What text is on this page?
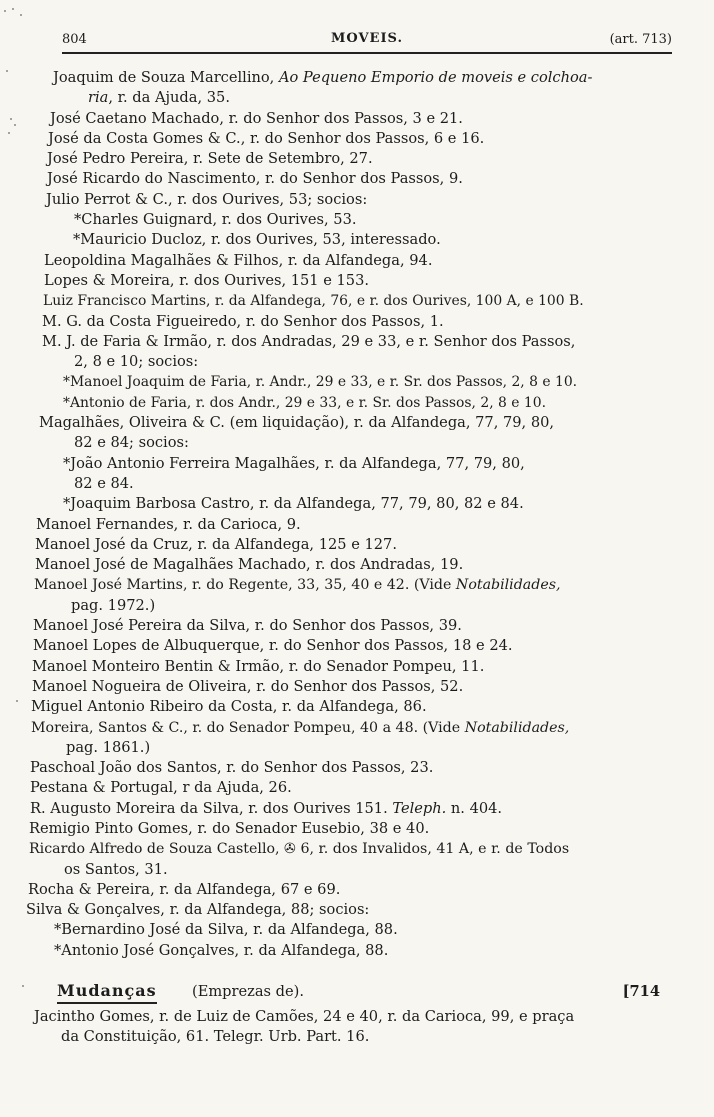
804	MOVEIS.	(art. 713)
Joaquim de Souza Marcellino, Ao Pequeno Emporio de moveis e colchoa-
ria, r. da Ajuda, 35.
José Caetano Machado, r. do Senhor dos Passos, 3 e 21.
José da Costa Gomes & C., r. do Senhor dos Passos, 6 e 16.
José Pedro Pereira, r. Sete de Setembro, 27.
José Ricardo do Nascimento, r. do Senhor dos Passos, 9.
Julio Perrot & C., r. dos Ourives, 53; socios:
*Charles Guignard, r. dos Ourives, 53.
*Mauricio Ducloz, r. dos Ourives, 53, interessado.
Leopoldina Magalhães & Filhos, r. da Alfandega, 94.
Lopes & Moreira, r. dos Ourives, 151 e 153.
Luiz Francisco Martins, r. da Alfandega, 76, e r. dos Ourives, 100 A, e 100 B.
M. G. da Costa Figueiredo, r. do Senhor dos Passos, 1.
M. J. de Faria & Irmão, r. dos Andradas, 29 e 33, e r. Senhor dos Passos,
2, 8 e 10; socios:
*Manoel Joaquim de Faria, r. Andr., 29 e 33, e r. Sr. dos Passos, 2, 8 e 10.
*Antonio de Faria, r. dos Andr., 29 e 33, e r. Sr. dos Passos, 2, 8 e 10.
Magalhães, Oliveira & C. (em liquidação), r. da Alfandega, 77, 79, 80,
82 e 84; socios:
*João Antonio Ferreira Magalhães, r. da Alfandega, 77, 79, 80,
82 e 84.
*Joaquim Barbosa Castro, r. da Alfandega, 77, 79, 80, 82 e 84.
Manoel Fernandes, r. da Carioca, 9.
Manoel José da Cruz, r. da Alfandega, 125 e 127.
Manoel José de Magalhães Machado, r. dos Andradas, 19.
Manoel José Martins, r. do Regente, 33, 35, 40 e 42. (Vide Notabilidades,
pag. 1972.)
Manoel José Pereira da Silva, r. do Senhor dos Passos, 39.
Manoel Lopes de Albuquerque, r. do Senhor dos Passos, 18 e 24.
Manoel Monteiro Bentin & Irmão, r. do Senador Pompeu, 11.
Manoel Nogueira de Oliveira, r. do Senhor dos Passos, 52.
Miguel Antonio Ribeiro da Costa, r. da Alfandega, 86.
Moreira, Santos & C., r. do Senador Pompeu, 40 a 48. (Vide Notabilidades,
pag. 1861.)
Paschoal João dos Santos, r. do Senhor dos Passos, 23.
Pestana & Portugal, r da Ajuda, 26.
R. Augusto Moreira da Silva, r. dos Ourives 151. Teleph. n. 404.
Remigio Pinto Gomes, r. do Senador Eusebio, 38 e 40.
Ricardo Alfredo de Souza Castello, ✇ 6, r. dos Invalidos, 41 A, e r. de Todos
os Santos, 31.
Rocha & Pereira, r. da Alfandega, 67 e 69.
Silva & Gonçalves, r. da Alfandega, 88; socios:
*Bernardino José da Silva, r. da Alfandega, 88.
*Antonio José Gonçalves, r. da Alfandega, 88.
Mudanças (Emprezas de).	[714
Jacintho Gomes, r. de Luiz de Camões, 24 e 40, r. da Carioca, 99, e praça
da Constituição, 61. Telegr. Urb. Part. 16.
